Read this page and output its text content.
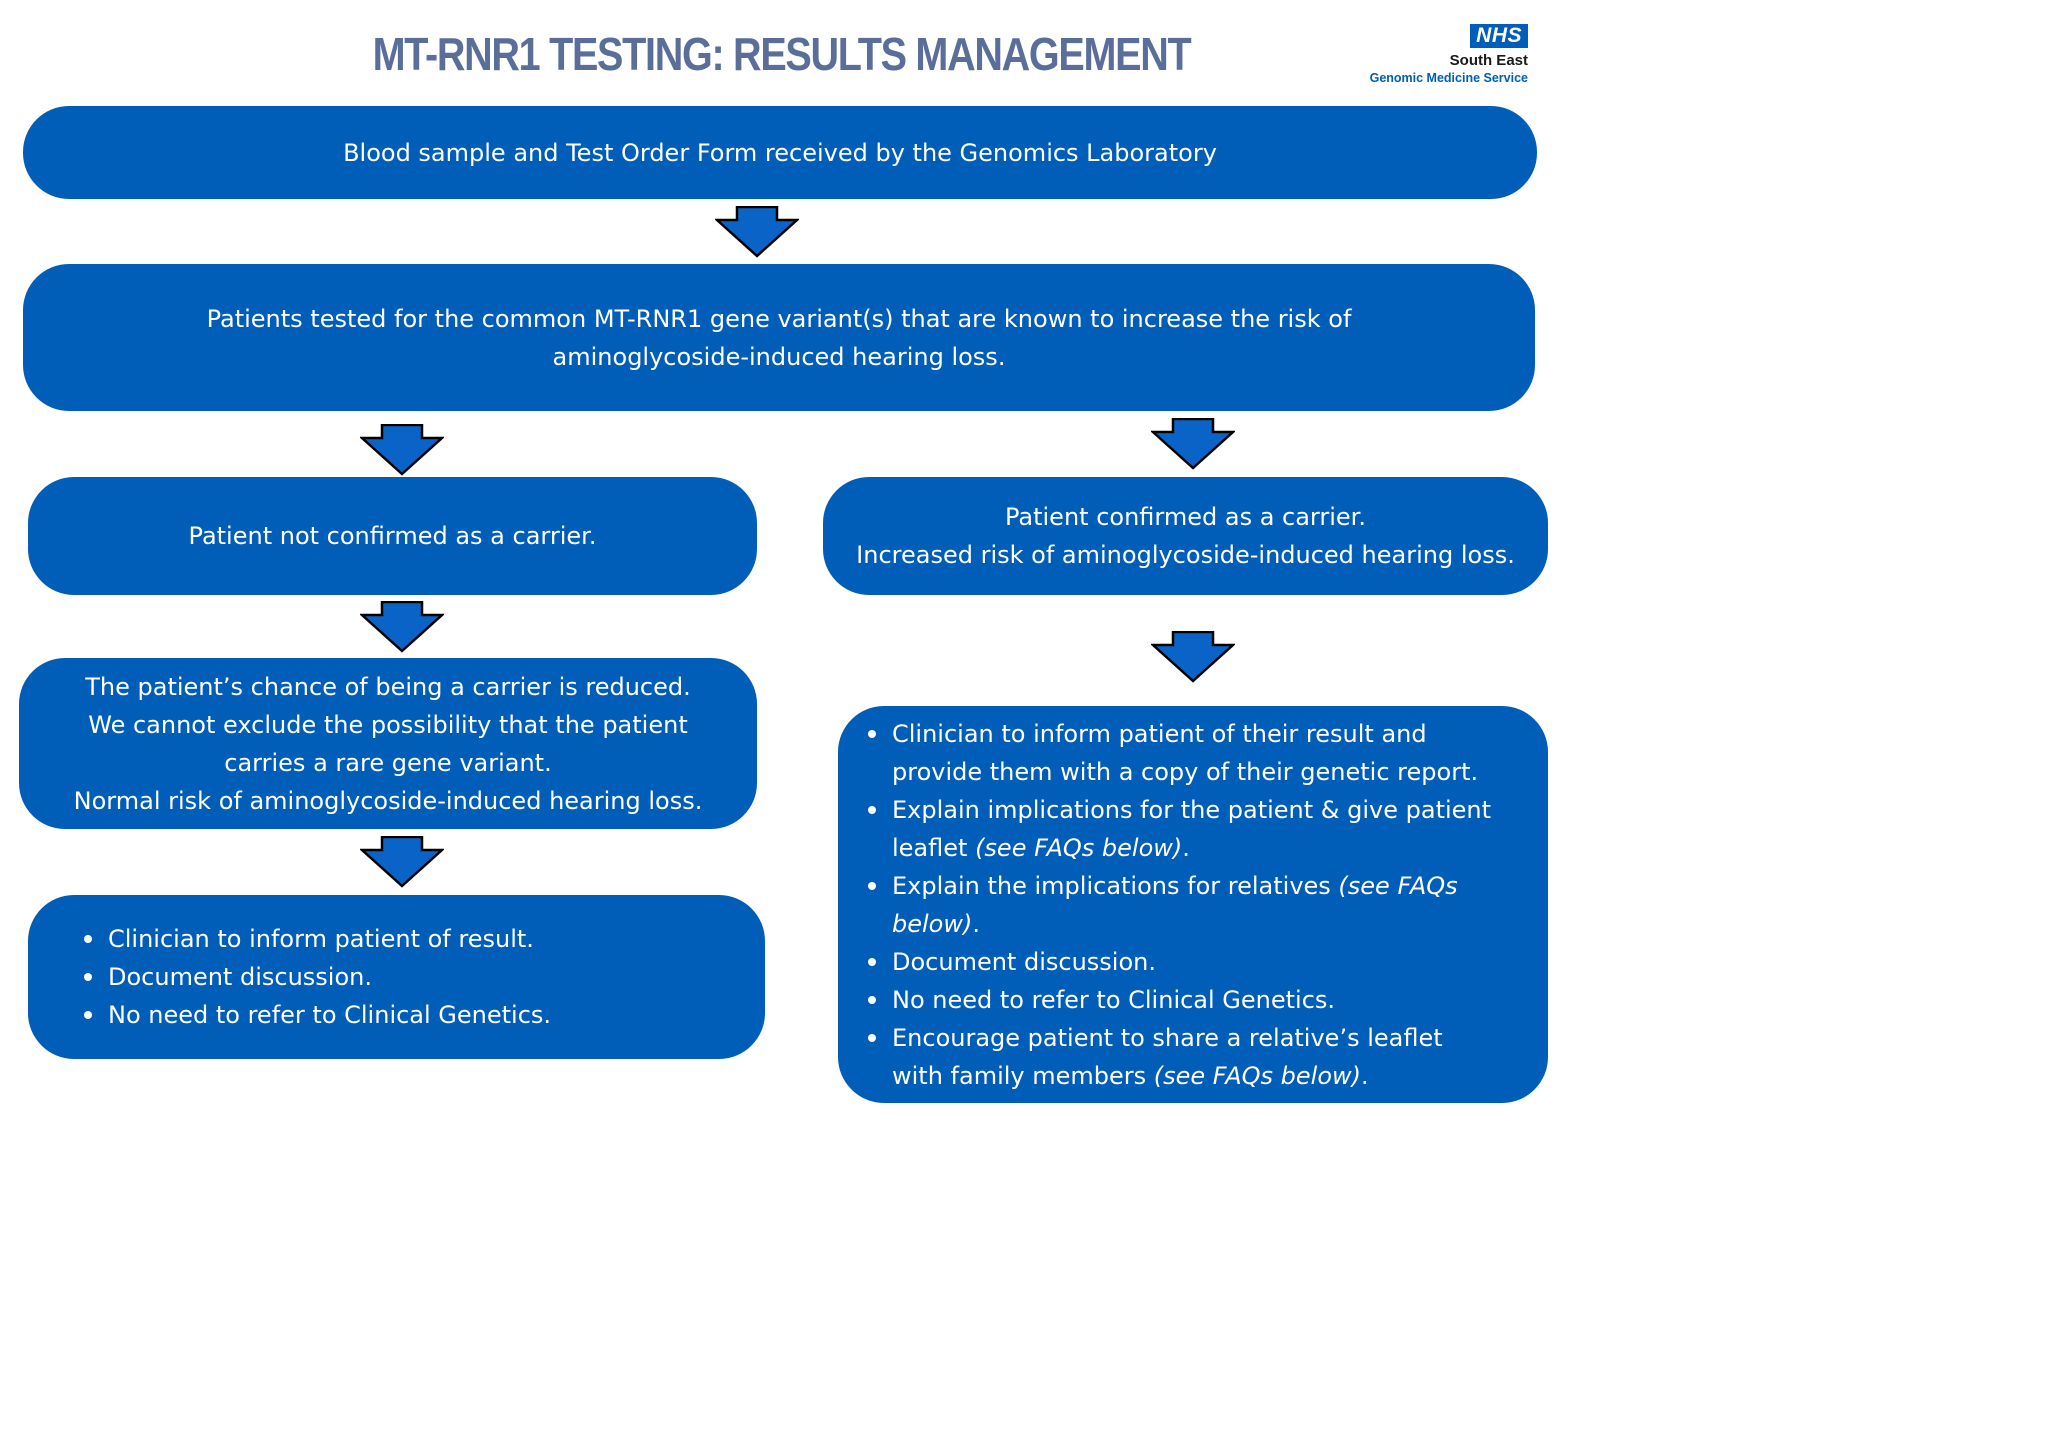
MT-RNR1 TESTING: RESULTS MANAGEMENT	NHS
South East
Genomic Medicine Service
Blood sample and Test Order Form received by the Genomics Laboratory
Patients tested for the common MT-RNR1 gene variant(s) that are known to increase the risk of
aminoglycoside-induced hearing loss.
Patient not confirmed as a carrier.
The patient’s chance of being a carrier is reduced.
We cannot exclude the possibility that the patient
carries a rare gene variant.
Normal risk of aminoglycoside-induced hearing loss.
Clinician to inform patient of result.
Document discussion.
No need to refer to Clinical Genetics.
Patient confirmed as a carrier.
Increased risk of aminoglycoside-induced hearing loss.
Clinician to inform patient of their result and
provide them with a copy of their genetic report.
Explain implications for the patient & give patient
leaflet (see FAQs below).
Explain the implications for relatives (see FAQs
below).
Document discussion.
No need to refer to Clinical Genetics.
Encourage patient to share a relative’s leaflet
with family members (see FAQs below).
